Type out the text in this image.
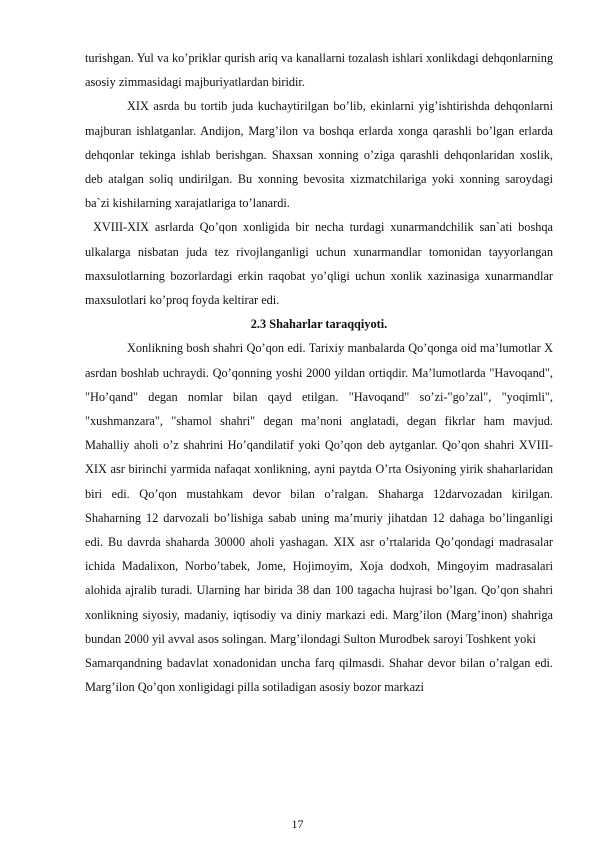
turishgan. Yul va ko’priklar qurish ariq va kanallarni tozalash ishlari xonlikdagi dehqonlarning asosiy zimmasidagi majburiyatlardan biridir.

XIX asrda bu tortib juda kuchaytirilgan bo’lib, ekinlarni yig’ishtirishda dehqonlarni majburan ishlatganlar. Andijon, Marg’ilon va boshqa erlarda xonga qarashli bo’lgan erlarda dehqonlar tekinga ishlab berishgan. Shaxsan xonning o’ziga qarashli dehqonlaridan xoslik, deb atalgan soliq undirilgan. Bu xonning bevosita xizmatchilariga yoki xonning saroydagi ba`zi kishilarning xarajatlariga to’lanardi.

XVIII-XIX asrlarda Qo’qon xonligida bir necha turdagi xunarmandchilik san`ati boshqa ulkalarga nisbatan juda tez rivojlanganligi uchun xunarmandlar tomonidan tayyorlangan maxsulotlarning bozorlardagi erkin raqobat yo’qligi uchun xonlik xazinasiga xunarmandlar maxsulotlari ko’proq foyda keltirar edi.

2.3 Shaharlar taraqqiyoti.

Xonlikning bosh shahri Qo’qon edi. Tarixiy manbalarda Qo’qonga oid ma’lumotlar X asrdan boshlab uchraydi. Qo’qonning yoshi 2000 yildan ortiqdir. Ma’lumotlarda "Havoqand", "Ho’qand" degan nomlar bilan qayd etilgan. "Havoqand" so’zi-"go’zal", "yoqimli", "xushmanzara", "shamol shahri" degan ma’noni anglatadi, degan fikrlar ham mavjud. Mahalliy aholi o’z shahrini Ho’qandilatif yoki Qo’qon deb aytganlar. Qo’qon shahri XVIII-XIX asr birinchi yarmida nafaqat xonlikning, ayni paytda O’rta Osiyoning yirik shaharlaridan biri edi. Qo’qon mustahkam devor bilan o’ralgan. Shaharga 12darvozadan kirilgan. Shaharning 12 darvozali bo’lishiga sabab uning ma’muriy jihatdan 12 dahaga bo’linganligi edi. Bu davrda shaharda 30000 aholi yashagan. XIX asr o’rtalarida Qo’qondagi madrasalar ichida Madalixon, Norbo’tabek, Jome, Hojimoyim, Xoja dodxoh, Mingoyim madrasalari alohida ajralib turadi. Ularning har birida 38 dan 100 tagacha hujrasi bo’lgan. Qo’qon shahri xonlikning siyosiy, madaniy, iqtisodiy va diniy markazi edi. Marg’ilon (Marg’inon) shahriga bundan 2000 yil avval asos solingan. Marg’ilondagi Sulton Murodbek saroyi Toshkent yoki

Samarqandning badavlat xonadonidan uncha farq qilmasdi. Shahar devor bilan o’ralgan edi. Marg’ilon Qo’qon xonligidagi pilla sotiladigan asosiy bozor markazi

17
